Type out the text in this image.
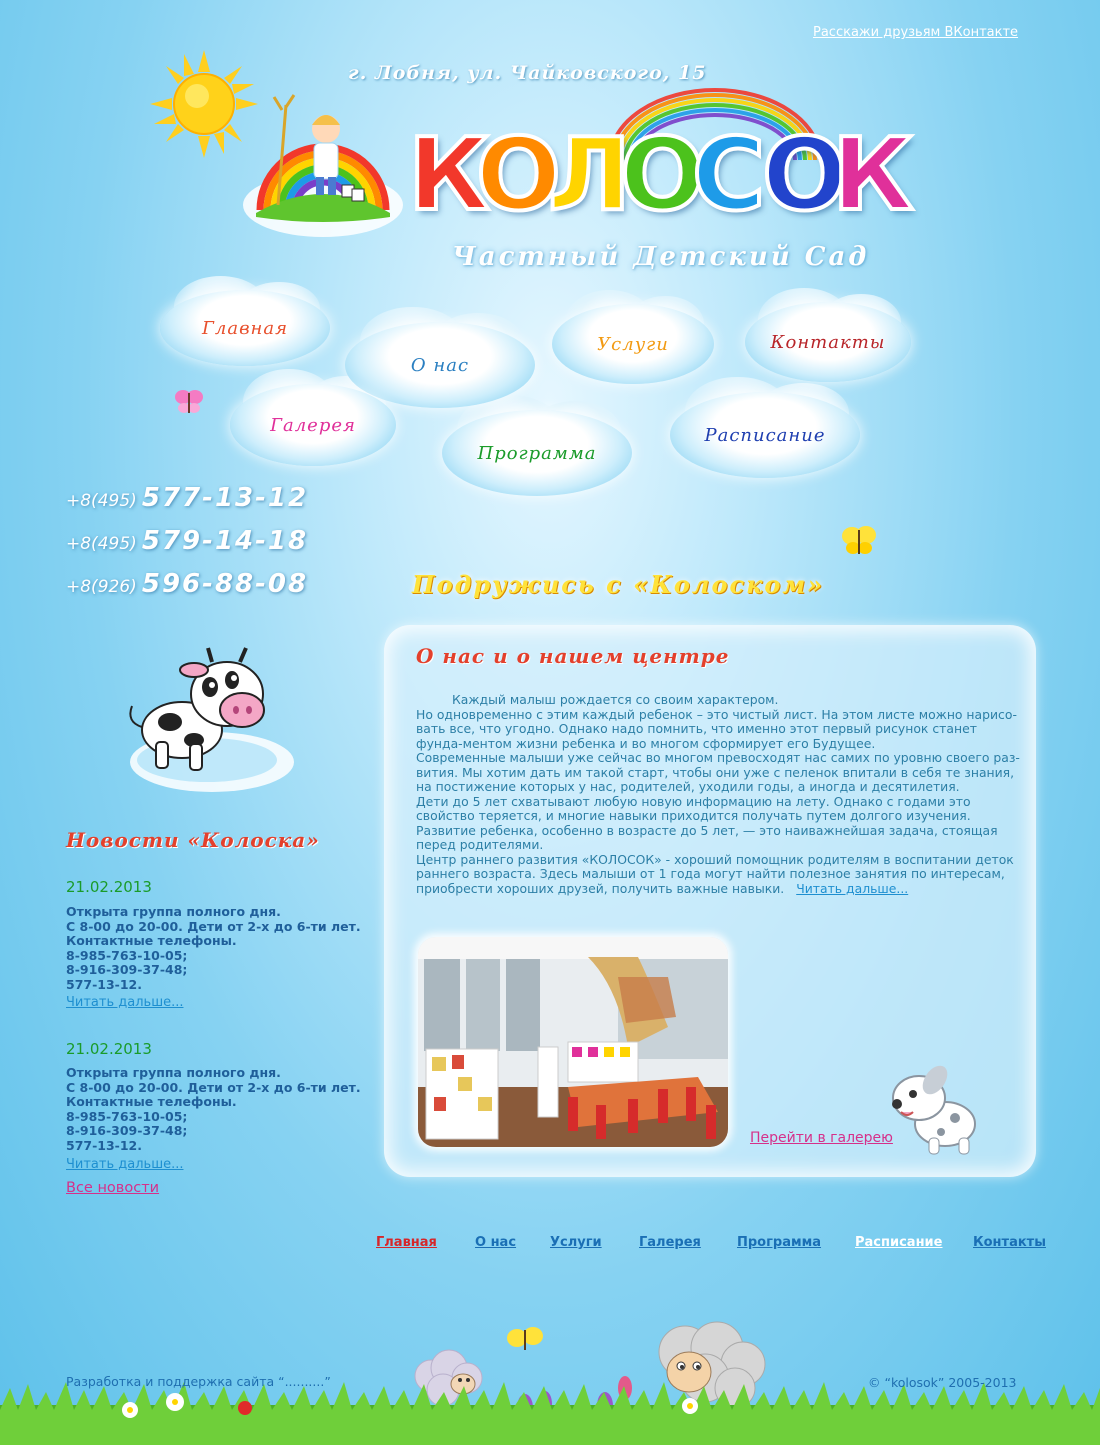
Расскажи друзьям ВКонтакте
г. Лобня, ул. Чайковского, 15
К
О
Л
О
С
О
К
Частный Детский Сад
Главная
О нас
Услуги	Контакты
Галерея
Программа
Расписание
+8(495) 577-13-12
+8(495) 579-14-18
+8(926) 596-88-08	Подружись с «Колоском»
Новости «Колоска»
21.02.2013
Открыта группа полного дня.
С 8-00 до 20-00. Дети от 2-х до 6-ти лет.
Контактные телефоны.
8-985-763-10-05;
8-916-309-37-48;
577-13-12.
Читать дальше...
21.02.2013
Открыта группа полного дня.
С 8-00 до 20-00. Дети от 2-х до 6-ти лет.
Контактные телефоны.
8-985-763-10-05;
8-916-309-37-48;
577-13-12.
Читать дальше...
Все новости
О нас и о нашем центре

Каждый малыш рождается со своим характером.

Но одновременно с этим каждый ребенок – это чистый лист. На этом листе можно нарисо-вать все, что угодно. Однако надо помнить, что именно этот первый рисунок станет фунда-ментом жизни ребенка и во многом сформирует его Будущее.

Современные малыши уже сейчас во многом превосходят нас самих по уровню своего раз-вития. Мы хотим дать им такой старт, чтобы они уже с пеленок впитали в себя те знания, на постижение которых у нас, родителей, уходили годы, а иногда и десятилетия.

Дети до 5 лет схватывают любую новую информацию на лету. Однако с годами это свойство теряется, и многие навыки приходится получать путем долгого изучения.

Развитие ребенка, особенно в возрасте до 5 лет, — это наиважнейшая задача, стоящая перед родителями.

Центр раннего развития «КОЛОСОК» - хороший помощник родителям в воспитании деток раннего возраста. Здесь малыши от 1 года могут найти полезное занятия по интересам, приобрести хороших друзей, получить важные навыки. Читать дальше...

Перейти в галерею
Главная	О нас	Услуги	Галерея	Программа	Расписание Контакты
Разработка и поддержка сайта “..........”	© “kolosok” 2005-2013
